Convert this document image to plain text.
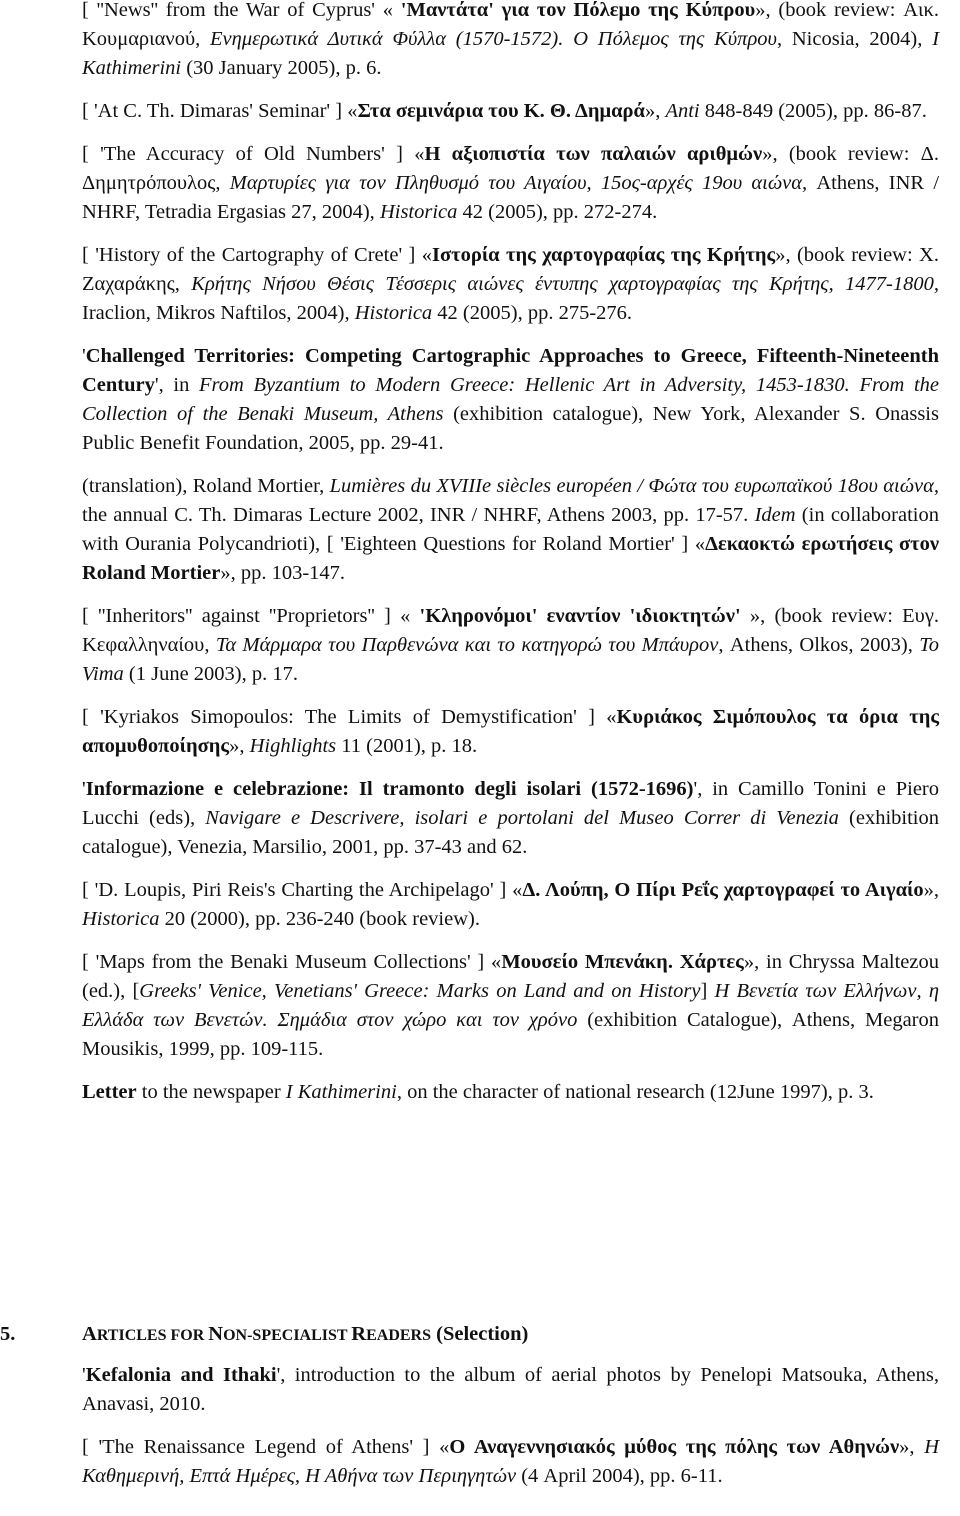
[ ''News'' from the War of Cyprus' « 'Μαντάτα' για τον Πόλεμο της Κύπρου», (book review: Αικ. Κουμαριανού, Ενημερωτικά Δυτικά Φύλλα (1570-1572). Ο Πόλεμος της Κύπρου, Nicosia, 2004), I Kathimerini (30 January 2005), p. 6.

[ 'At C. Th. Dimaras' Seminar' ] «Στα σεμινάρια του Κ. Θ. Δημαρά», Anti 848-849 (2005), pp. 86-87.

[ 'The Accuracy of Old Numbers' ] «Η αξιοπιστία των παλαιών αριθμών», (book review: Δ. Δημητρόπουλος, Μαρτυρίες για τον Πληθυσμό του Αιγαίου, 15ος-αρχές 19ου αιώνα, Athens, INR / NHRF, Tetradia Ergasias 27, 2004), Historica 42 (2005), pp. 272-274.

[ 'History of the Cartography of Crete' ] «Ιστορία της χαρτογραφίας της Κρήτης», (book review: Χ. Ζαχαράκης, Κρήτης Νήσου Θέσις Τέσσερις αιώνες έντυπης χαρτογραφίας της Κρήτης, 1477-1800, Iraclion, Mikros Naftilos, 2004), Historica 42 (2005), pp. 275-276.

'Challenged Territories: Competing Cartographic Approaches to Greece, Fifteenth-Nineteenth Century', in From Byzantium to Modern Greece: Hellenic Art in Adversity, 1453-1830. From the Collection of the Benaki Museum, Athens (exhibition catalogue), New York, Alexander S. Onassis Public Benefit Foundation, 2005, pp. 29-41.

(translation), Roland Mortier, Lumières du XVIIIe siècles européen / Φώτα του ευρωπαϊκού 18ου αιώνα, the annual C. Th. Dimaras Lecture 2002, INR / NHRF, Athens 2003, pp. 17-57. Idem (in collaboration with Ourania Polycandrioti), [ 'Eighteen Questions for Roland Mortier' ] «Δεκαοκτώ ερωτήσεις στον Roland Mortier», pp. 103-147.

[ ''Inheritors'' against ''Proprietors'' ] « 'Κληρονόμοι' εναντίον 'ιδιοκτητών' », (book review: Ευγ. Κεφαλληναίου, Τα Μάρμαρα του Παρθενώνα και το κατηγορώ του Μπάυρον, Athens, Olkos, 2003), To Vima (1 June 2003), p. 17.

[ 'Kyriakos Simopoulos: The Limits of Demystification' ] «Κυριάκος Σιμόπουλος τα όρια της απομυθοποίησης», Highlights 11 (2001), p. 18.

'Informazione e celebrazione: Il tramonto degli isolari (1572-1696)', in Camillo Tonini e Piero Lucchi (eds), Navigare e Descrivere, isolari e portolani del Museo Correr di Venezia (exhibition catalogue), Venezia, Marsilio, 2001, pp. 37-43 and 62.

[ 'D. Loupis, Piri Reis's Charting the Archipelago' ] «Δ. Λούπη, Ο Πίρι Ρεΐς χαρτογραφεί το Αιγαίο», Historica 20 (2000), pp. 236-240 (book review).

[ 'Maps from the Benaki Museum Collections' ] «Μουσείο Μπενάκη. Χάρτες», in Chryssa Maltezou (ed.), [Greeks' Venice, Venetians' Greece: Marks on Land and on History] Η Βενετία των Ελλήνων, η Ελλάδα των Βενετών. Σημάδια στον χώρο και τον χρόνο (exhibition Catalogue), Athens, Megaron Mousikis, 1999, pp. 109-115.

Letter to the newspaper I Kathimerini, on the character of national research (12June 1997), p. 3.

5.	ARTICLES FOR NON-SPECIALIST READERS (Selection)

'Kefalonia and Ithaki', introduction to the album of aerial photos by Penelopi Matsouka, Athens, Anavasi, 2010.

[ 'The Renaissance Legend of Athens' ] «Ο Αναγεννησιακός μύθος της πόλης των Αθηνών», Η Καθημερινή, Επτά Ημέρες, Η Αθήνα των Περιηγητών (4 April 2004), pp. 6-11.
